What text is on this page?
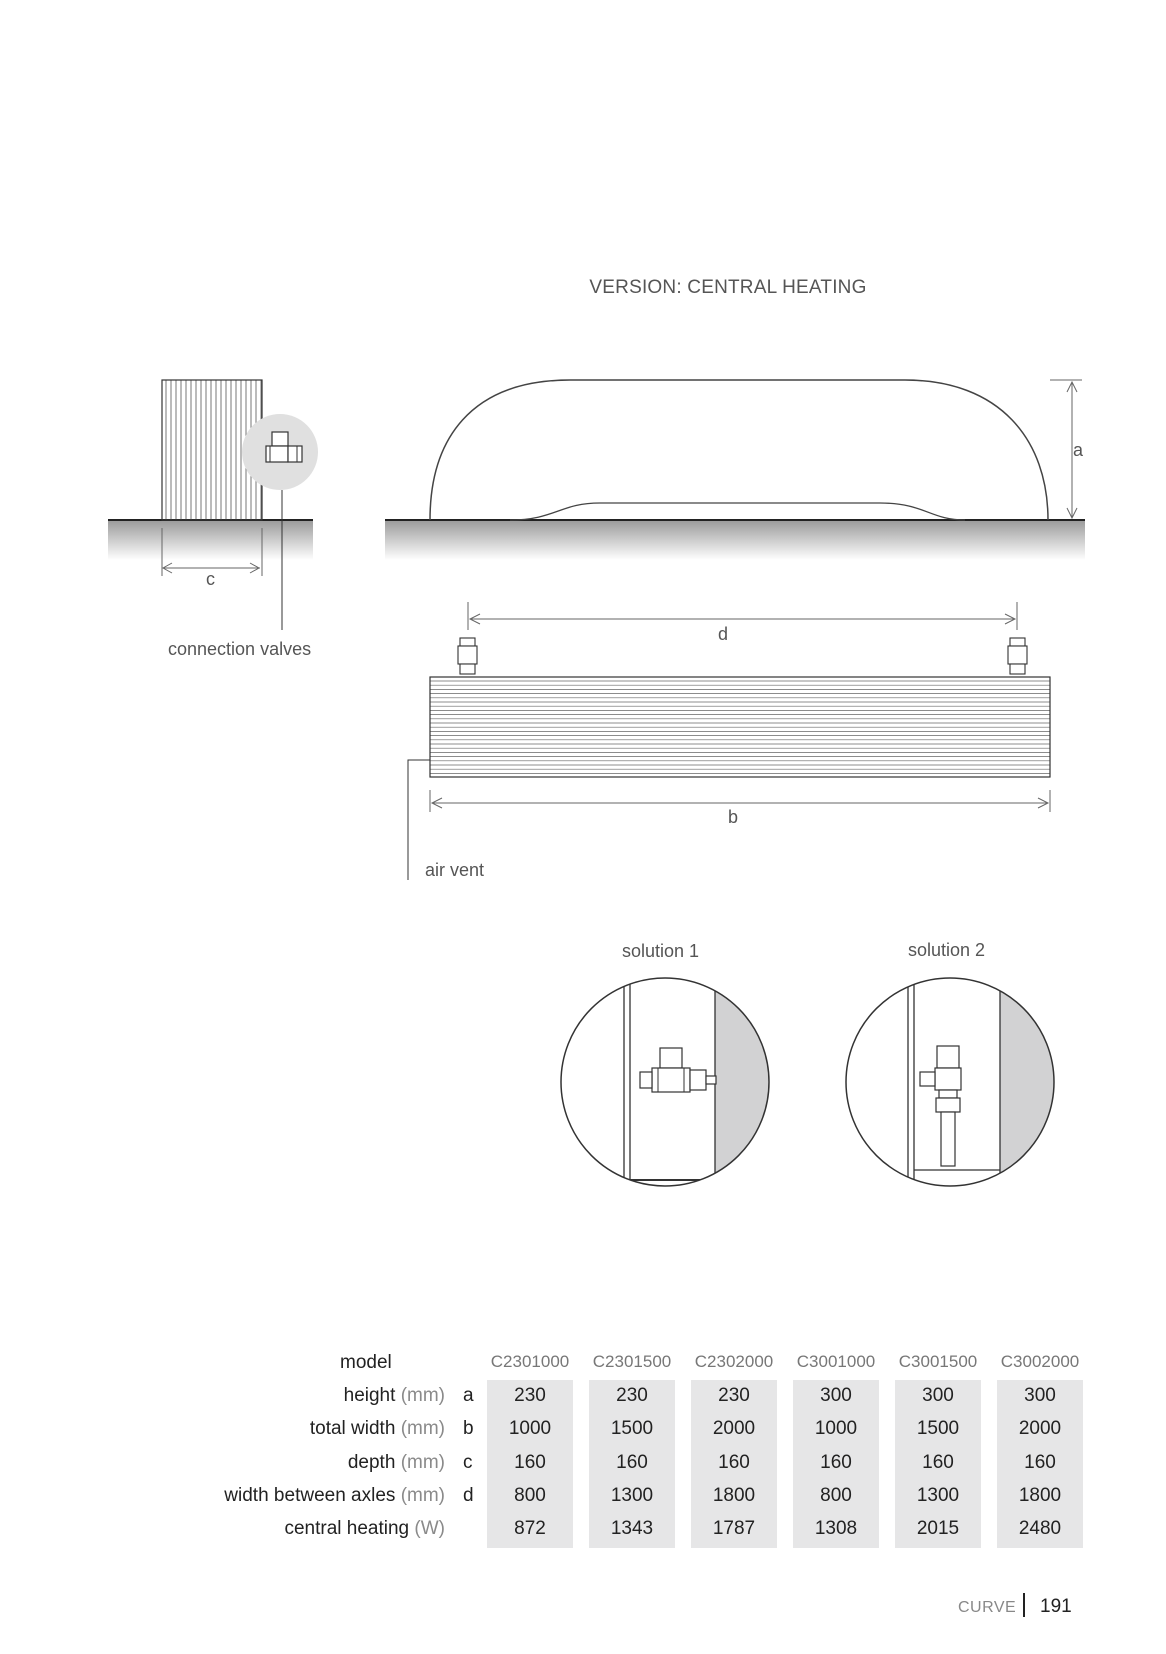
VERSION: CENTRAL HEATING
a
c
connection valves
d
b
air vent
solution 1	solution 2
model	C2301000	C2301500	C2302000	C3001000	C3001500	C3002000
height (mm) a	230	230	230	300	300	300
total width (mm) b	1000	1500	2000	1000	1500	2000
depth (mm) c	160	160	160	160	160	160
width between axles (mm) d	800	1300	1800	800	1300	1800
central heating (W)	872	1343	1787	1308	2015	2480
CURVE 191
